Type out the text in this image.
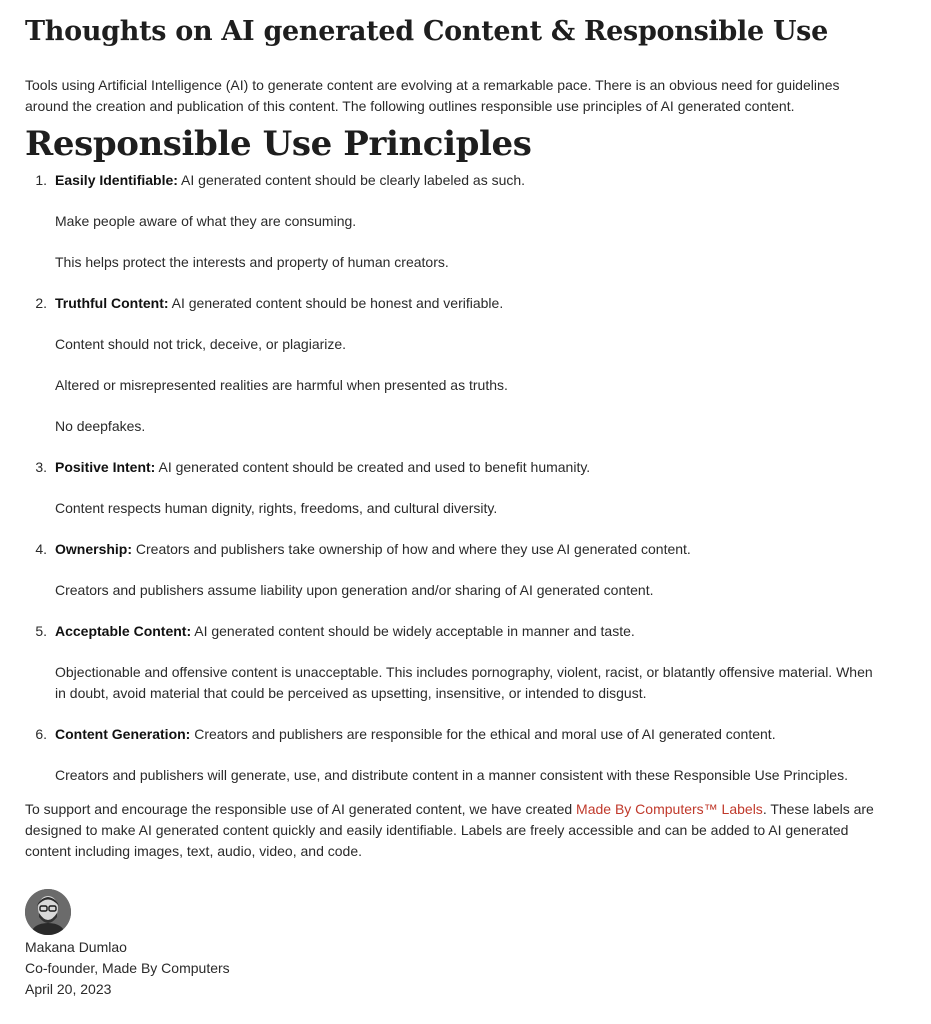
Thoughts on AI generated Content & Responsible Use

Tools using Artificial Intelligence (AI) to generate content are evolving at a remarkable pace. There is an obvious need for guidelines around the creation and publication of this content. The following outlines responsible use principles of AI generated content.

Responsible Use Principles
1. Easily Identifiable: AI generated content should be clearly labeled as such.

Make people aware of what they are consuming.

This helps protect the interests and property of human creators.

2. Truthful Content: AI generated content should be honest and verifiable.

Content should not trick, deceive, or plagiarize.

Altered or misrepresented realities are harmful when presented as truths.

No deepfakes.

3. Positive Intent: AI generated content should be created and used to benefit humanity.

Content respects human dignity, rights, freedoms, and cultural diversity.

4. Ownership: Creators and publishers take ownership of how and where they use AI generated content.

Creators and publishers assume liability upon generation and/or sharing of AI generated content.

5. Acceptable Content: AI generated content should be widely acceptable in manner and taste.

Objectionable and offensive content is unacceptable. This includes pornography, violent, racist, or blatantly offensive material. When in doubt, avoid material that could be perceived as upsetting, insensitive, or intended to disgust.

6. Content Generation: Creators and publishers are responsible for the ethical and moral use of AI generated content.

Creators and publishers will generate, use, and distribute content in a manner consistent with these Responsible Use Principles.

To support and encourage the responsible use of AI generated content, we have created Made By Computers™ Labels. These labels are designed to make AI generated content quickly and easily identifiable. Labels are freely accessible and can be added to AI generated content including images, text, audio, video, and code.

Makana Dumlao
Co-founder, Made By Computers
April 20, 2023
